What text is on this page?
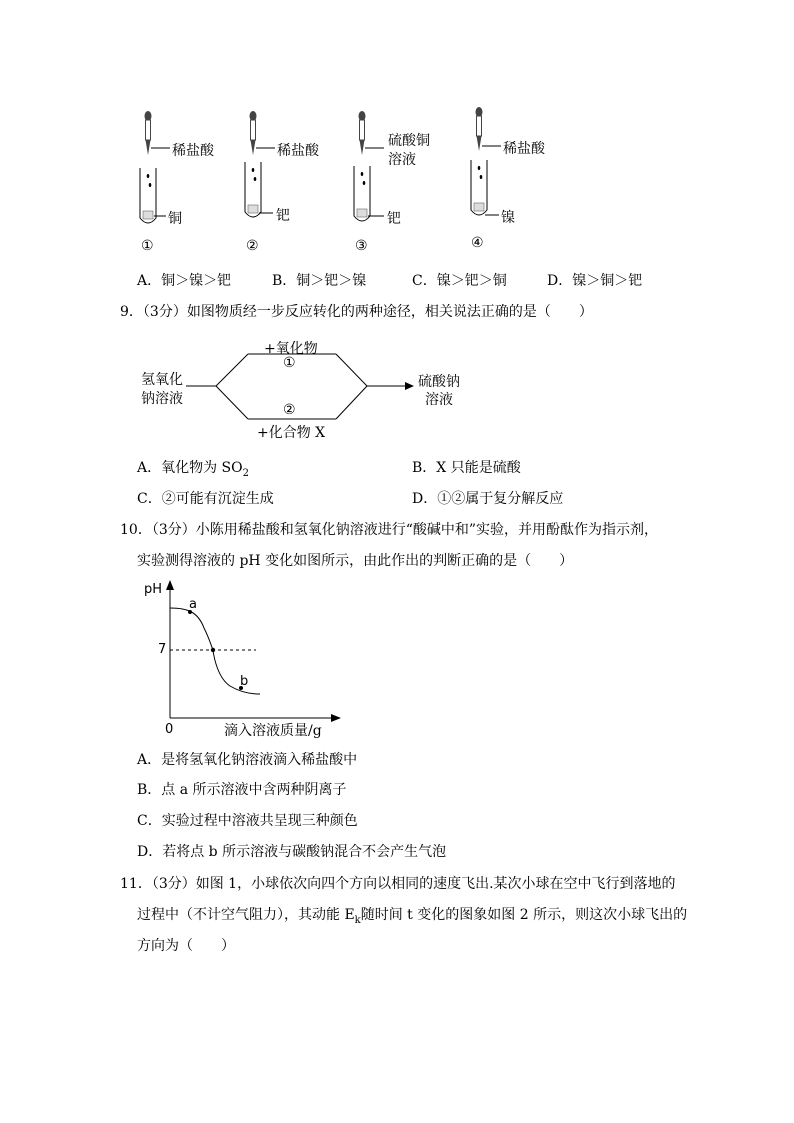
稀盐酸
铜
①
稀盐酸
钯
②
硫酸铜
溶液
钯
③
稀盐酸
镍
④
A．铜＞镍＞钯	B．铜＞钯＞镍	C．镍＞钯＞铜	D．镍＞铜＞钯
9．（3分）如图物质经一步反应转化的两种途径，相关说法正确的是（　　）
氢氧化
钠溶液
+氧化物
①
②
+化合物 X
硫酸钠
溶液
A．氧化物为 $SO_2$	B．X 只能是硫酸
C．②可能有沉淀生成	D．①②属于复分解反应
10．（3分）小陈用稀盐酸和氢氧化钠溶液进行“酸碱中和”实验，并用酚酞作为指示剂，
实验测得溶液的 pH 变化如图所示，由此作出的判断正确的是（　　）
pH
7
0	滴入溶液质量/g
a
b
A．是将氢氧化钠溶液滴入稀盐酸中
B．点 a 所示溶液中含两种阴离子
C．实验过程中溶液共呈现三种颜色
D．若将点 b 所示溶液与碳酸钠混合不会产生气泡
11．（3分）如图 1，小球依次向四个方向以相同的速度飞出.某次小球在空中飞行到落地的
过程中（不计空气阻力），其动能 $E_k$随时间 t 变化的图象如图 2 所示，则这次小球飞出的
方向为（　　）
